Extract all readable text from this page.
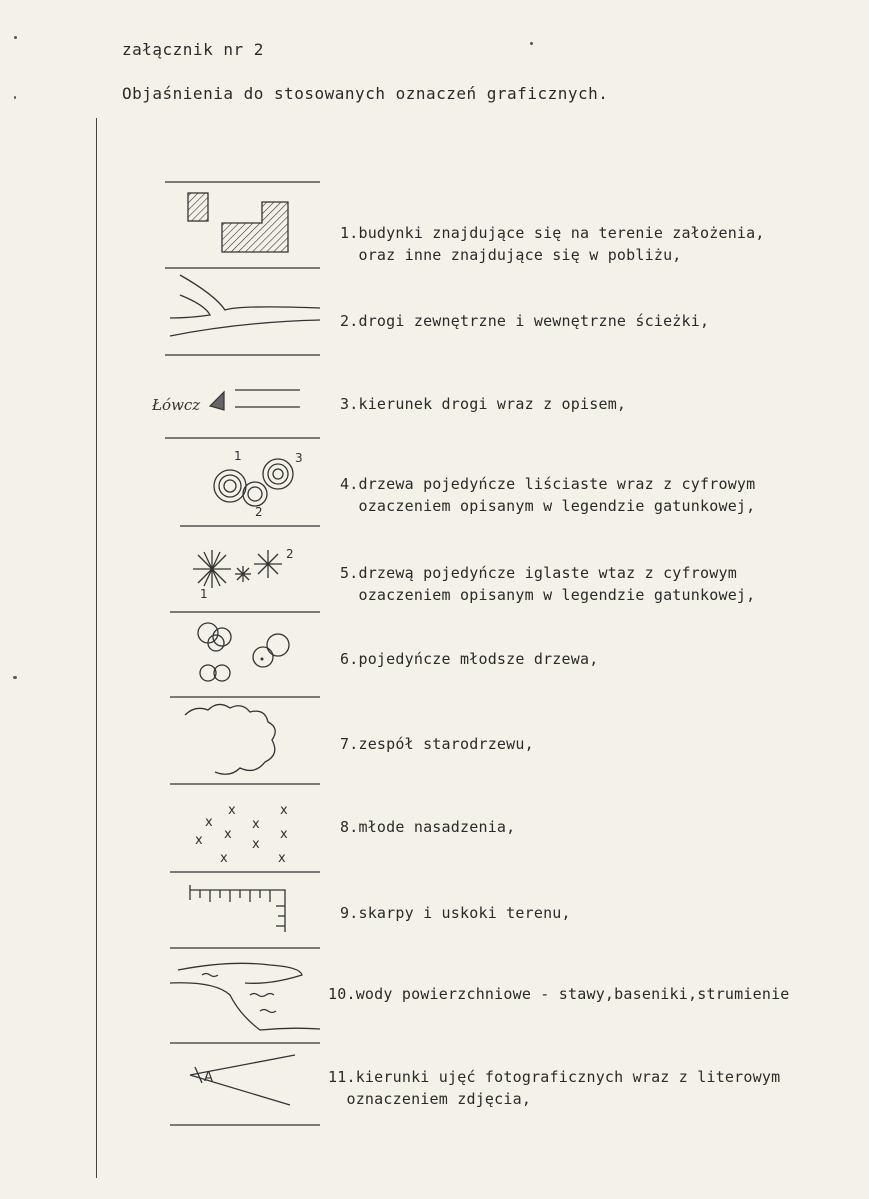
załącznik nr 2
Objaśnienia do stosowanych oznaczeń graficznych.
1.budynki znajdujące się na terenie założenia,
oraz inne znajdujące się w pobliżu,
2.drogi zewnętrzne i wewnętrzne ścieżki,
Łówcz	3.kierunek drogi wraz z opisem,
1
2
3
4.drzewa pojedyńcze liściaste wraz z cyfrowym
ozaczeniem opisanym w legendzie gatunkowej,
1
2
5.drzewą pojedyńcze iglaste wtaz z cyfrowym
ozaczeniem opisanym w legendzie gatunkowej,
6.pojedyńcze młodsze drzewa,
7.zespół starodrzewu,
x
x	x
x x
x
x
x
x	x
8.młode nasadzenia,
9.skarpy i uskoki terenu,
10.wody powierzchniowe - stawy,baseniki,strumienie
A	11.kierunki ujęć fotograficznych wraz z literowym
oznaczeniem zdjęcia,
